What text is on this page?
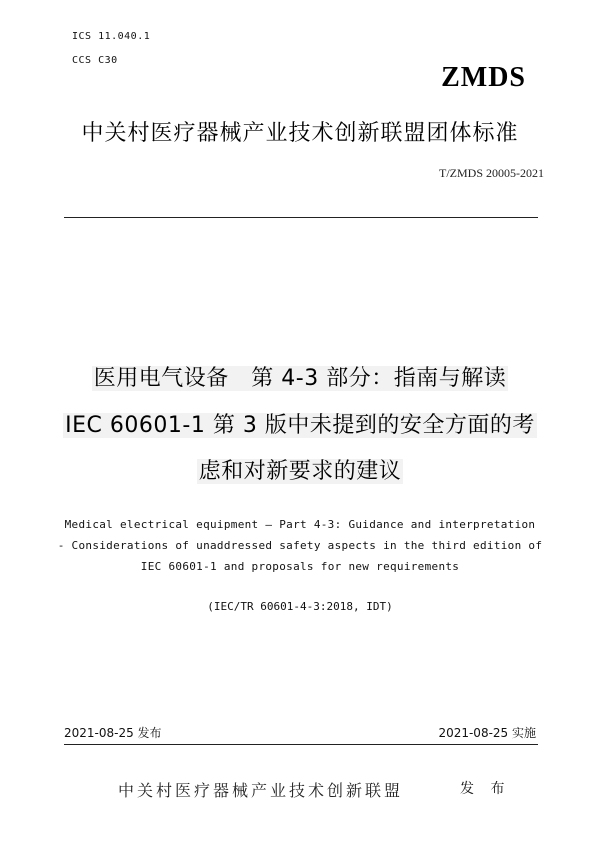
ICS 11.040.1
CCS C30
ZMDS
中关村医疗器械产业技术创新联盟团体标准
T/ZMDS 20005-2021
医用电气设备　第 4-3 部分：指南与解读
IEC 60601-1 第 3 版中未提到的安全方面的考
虑和对新要求的建议
Medical electrical equipment — Part 4-3: Guidance and interpretation
- Considerations of unaddressed safety aspects in the third edition of
IEC 60601-1 and proposals for new requirements
(IEC/TR 60601-4-3:2018, IDT)
2021-08-25 发布	2021-08-25 实施
中关村医疗器械产业技术创新联盟	发 布
